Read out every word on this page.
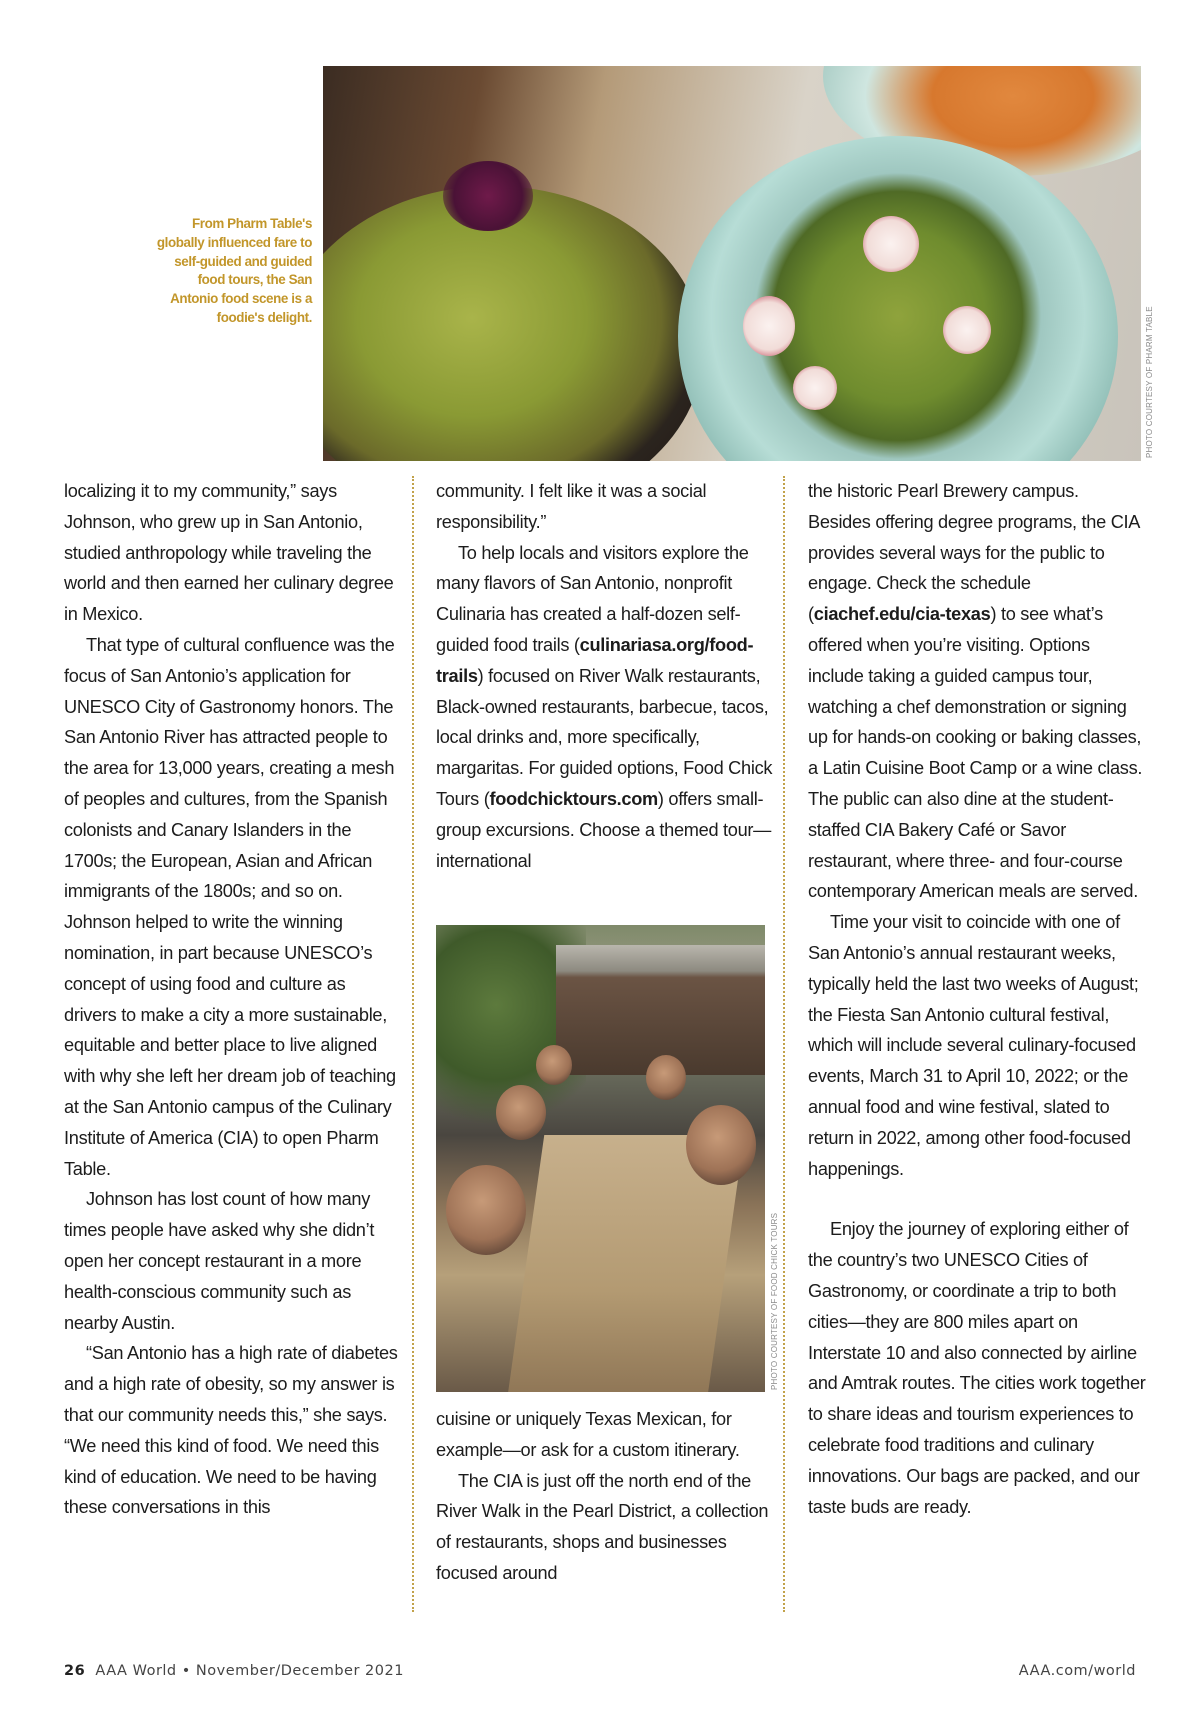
PHOTO COURTESY OF PHARM TABLE
From Pharm Table's globally influenced fare to self-guided and guided food tours, the San Antonio food scene is a foodie's delight.

localizing it to my community,” says Johnson, who grew up in San Antonio, studied anthropology while traveling the world and then earned her culinary degree in Mexico.

That type of cultural confluence was the focus of San Antonio’s application for UNESCO City of Gastronomy honors. The San Antonio River has attracted people to the area for 13,000 years, creating a mesh of peoples and cultures, from the Spanish colonists and Canary Islanders in the 1700s; the European, Asian and African immigrants of the 1800s; and so on. Johnson helped to write the winning nomination, in part because UNESCO’s concept of using food and culture as drivers to make a city a more sustainable, equitable and better place to live aligned with why she left her dream job of teaching at the San Antonio campus of the Culinary Institute of America (CIA) to open Pharm Table.

Johnson has lost count of how many times people have asked why she didn’t open her concept restaurant in a more health-conscious community such as nearby Austin.

“San Antonio has a high rate of diabetes and a high rate of obesity, so my answer is that our community needs this,” she says. “We need this kind of food. We need this kind of education. We need to be having these conversations in this

community. I felt like it was a social responsibility.”

To help locals and visitors explore the many flavors of San Antonio, nonprofit Culinaria has created a half-dozen self-guided food trails (culinariasa.org/food-trails) focused on River Walk restaurants, Black-owned restaurants, barbecue, tacos, local drinks and, more specifically, margaritas. For guided options, Food Chick Tours (foodchicktours.com) offers small-group excursions. Choose a themed tour—international

PHOTO COURTESY OF FOOD CHICK TOURS

cuisine or uniquely Texas Mexican, for example—or ask for a custom itinerary.

The CIA is just off the north end of the River Walk in the Pearl District, a collection of restaurants, shops and businesses focused around

the historic Pearl Brewery campus. Besides offering degree programs, the CIA provides several ways for the public to engage. Check the schedule (ciachef.edu/cia-texas) to see what’s offered when you’re visiting. Options include taking a guided campus tour, watching a chef demonstration or signing up for hands-on cooking or baking classes, a Latin Cuisine Boot Camp or a wine class. The public can also dine at the student-staffed CIA Bakery Café or Savor restaurant, where three- and four-course contemporary American meals are served.

Time your visit to coincide with one of San Antonio’s annual restaurant weeks, typically held the last two weeks of August; the Fiesta San Antonio cultural festival, which will include several culinary-focused events, March 31 to April 10, 2022; or the annual food and wine festival, slated to return in 2022, among other food-focused happenings.

Enjoy the journey of exploring either of the country’s two UNESCO Cities of Gastronomy, or coordinate a trip to both cities—they are 800 miles apart on Interstate 10 and also connected by airline and Amtrak routes. The cities work together to share ideas and tourism experiences to celebrate food traditions and culinary innovations. Our bags are packed, and our taste buds are ready.

26 AAA World • November/December 2021	AAA.com/world
